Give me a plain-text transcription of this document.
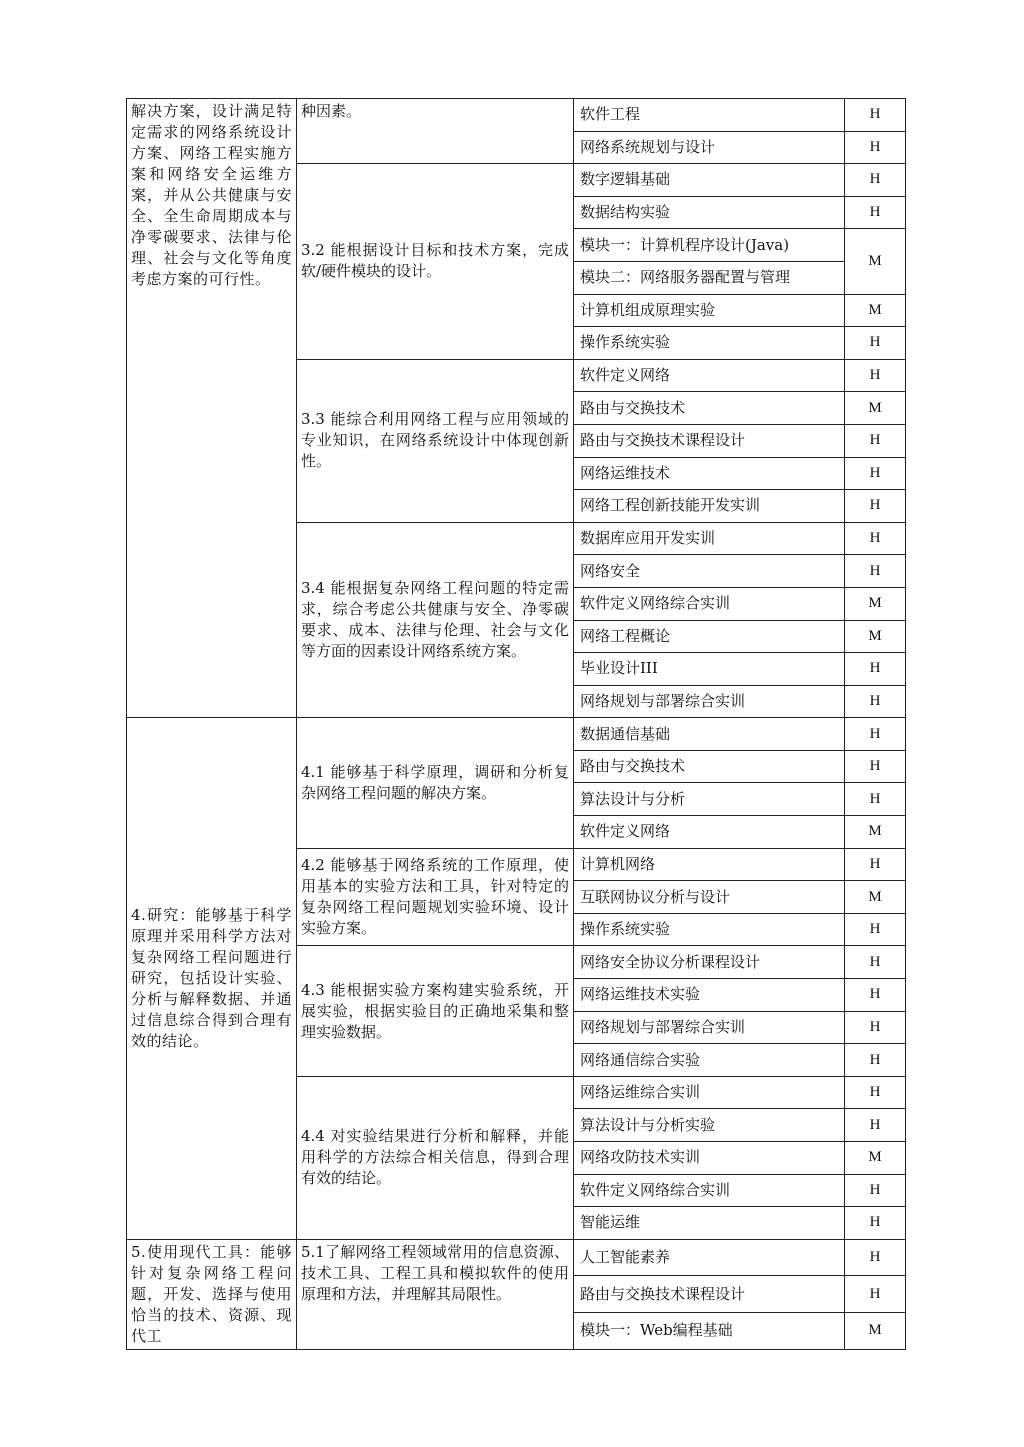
解决方案，设计满足特定需求的网络系统设计方案、网络工程实施方案和网络安全运维方案，并从公共健康与安全、全生命周期成本与净零碳要求、法律与伦理、社会与文化等角度考虑方案的可行性。	种因素。	软件工程	H
		网络系统规划与设计	H
	3.2 能根据设计目标和技术方案，完成软/硬件模块的设计。	数字逻辑基础	H
		数据结构实验	H
		模块一：计算机程序设计(Java)	M
		模块二：网络服务器配置与管理	
		计算机组成原理实验	M
		操作系统实验	H
	3.3 能综合利用网络工程与应用领域的专业知识，在网络系统设计中体现创新性。	软件定义网络	H
		路由与交换技术	M
		路由与交换技术课程设计	H
		网络运维技术	H
		网络工程创新技能开发实训	H
	3.4 能根据复杂网络工程问题的特定需求，综合考虑公共健康与安全、净零碳要求、成本、法律与伦理、社会与文化等方面的因素设计网络系统方案。	数据库应用开发实训	H
		网络安全	H
		软件定义网络综合实训	M
		网络工程概论	M
		毕业设计III	H
		网络规划与部署综合实训	H
4.研究：能够基于科学原理并采用科学方法对复杂网络工程问题进行研究，包括设计实验、分析与解释数据、并通过信息综合得到合理有效的结论。	4.1 能够基于科学原理，调研和分析复杂网络工程问题的解决方案。	数据通信基础	H
		路由与交换技术	H
		算法设计与分析	H
		软件定义网络	M
	4.2 能够基于网络系统的工作原理，使用基本的实验方法和工具，针对特定的复杂网络工程问题规划实验环境、设计实验方案。	计算机网络	H
		互联网协议分析与设计	M
		操作系统实验	H
	4.3 能根据实验方案构建实验系统，开展实验，根据实验目的正确地采集和整理实验数据。	网络安全协议分析课程设计	H
		网络运维技术实验	H
		网络规划与部署综合实训	H
		网络通信综合实验	H
	4.4 对实验结果进行分析和解释，并能用科学的方法综合相关信息，得到合理有效的结论。	网络运维综合实训	H
		算法设计与分析实验	H
		网络攻防技术实训	M
		软件定义网络综合实训	H
		智能运维	H
5.使用现代工具：能够针对复杂网络工程问题，开发、选择与使用恰当的技术、资源、现代工	5.1了解网络工程领域常用的信息资源、技术工具、工程工具和模拟软件的使用原理和方法，并理解其局限性。	人工智能素养	H
		路由与交换技术课程设计	H
		模块一：Web编程基础	M
